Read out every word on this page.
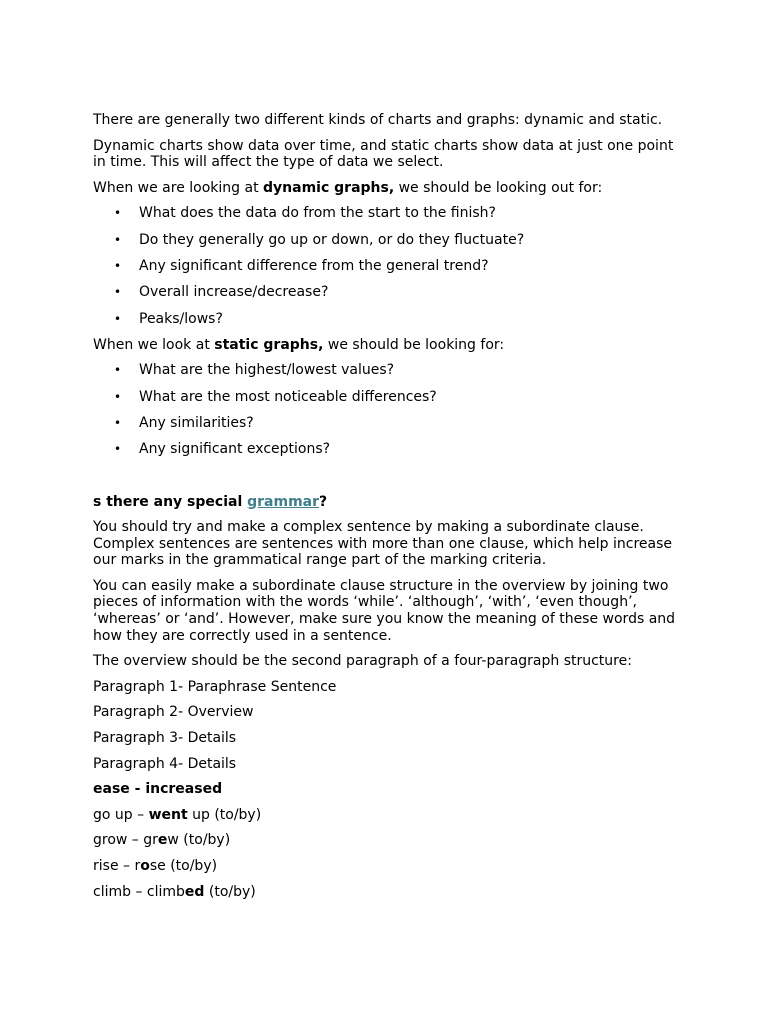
There are generally two different kinds of charts and graphs: dynamic and static.

Dynamic charts show data over time, and static charts show data at just one point in time. This will affect the type of data we select.

When we are looking at dynamic graphs, we should be looking out for:

• What does the data do from the start to the finish?
• Do they generally go up or down, or do they fluctuate?
• Any significant difference from the general trend?
• Overall increase/decrease?
• Peaks/lows?

When we look at static graphs, we should be looking for:

• What are the highest/lowest values?
• What are the most noticeable differences?
• Any similarities?
• Any significant exceptions?

s there any special grammar?

You should try and make a complex sentence by making a subordinate clause. Complex sentences are sentences with more than one clause, which help increase our marks in the grammatical range part of the marking criteria.

You can easily make a subordinate clause structure in the overview by joining two pieces of information with the words ‘while’. ‘although’, ‘with’, ‘even though’, ‘whereas’ or ‘and’. However, make sure you know the meaning of these words and how they are correctly used in a sentence.

The overview should be the second paragraph of a four-paragraph structure:

Paragraph 1- Paraphrase Sentence

Paragraph 2- Overview

Paragraph 3- Details

Paragraph 4- Details

ease - increased

go up – went up (to/by)

grow – grew (to/by)

rise – rose (to/by)

climb – climbed (to/by)
